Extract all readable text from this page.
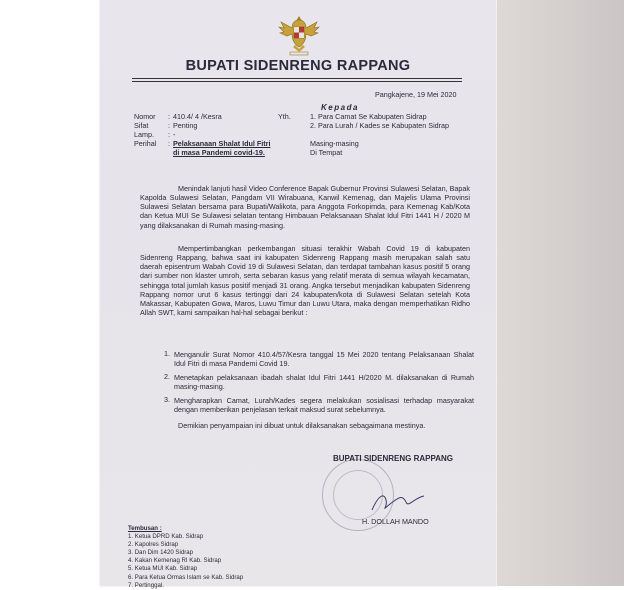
BUPATI SIDENRENG RAPPANG
Pangkajene, 19 Mei 2020
Kepada
Nomor : 410.4/ 4 /Kesra
Sifat	: Penting
Lamp. : -
Perihal : Pelaksanaan Shalat Idul Fitri
di masa Pandemi covid-19.
Yth.	1. Para Camat Se Kabupaten Sidrap
2. Para Lurah / Kades se Kabupaten Sidrap
Masing-masing
Di Tempat
Menindak lanjuti hasil Video Conference Bapak Gubernur Provinsi Sulawesi Selatan, Bapak Kapolda Sulawesi Selatan, Pangdam VII Wirabuana, Kanwil Kemenag, dan Majelis Ulama Provinsi Sulawesi Selatan bersama para Bupati/Walikota, para Anggota Forkopimda, para Kemenag Kab/Kota dan Ketua MUI Se Sulawesi selatan tentang Himbauan Pelaksanaan Shalat Idul Fitri 1441 H / 2020 M yang dilaksanakan di Rumah masing-masing.
Mempertimbangkan perkembangan situasi terakhir Wabah Covid 19 di kabupaten Sidenreng Rappang, bahwa saat ini kabupaten Sidenreng Rappang masih merupakan salah satu daerah episentrum Wabah Covid 19 di Sulawesi Selatan, dan terdapat tambahan kasus positif 5 orang dari sumber non klaster umroh, serta sebaran kasus yang relatif merata di semua wilayah kecamatan, sehingga total jumlah kasus positif menjadi 31 orang. Angka tersebut menjadikan kabupaten Sidenreng Rappang nomor urut 6 kasus tertinggi dari 24 kabupaten/kota di Sulawesi Selatan setelah Kota Makassar, Kabupaten Gowa, Maros, Luwu Timur dan Luwu Utara, maka dengan memperhatikan Ridho Allah SWT, kami sampaikan hal-hal sebagai berikut :
1. Menganulir Surat Nomor 410.4/57/Kesra tanggal 15 Mei 2020 tentang Pelaksanaan Shalat Idul Fitri di masa Pandemi Covid 19.
2. Menetapkan pelaksanaan ibadah shalat Idul Fitri 1441 H/2020 M. dilaksanakan di Rumah masing-masing.
3. Mengharapkan Camat, Lurah/Kades segera melakukan sosialisasi terhadap masyarakat dengan memberikan penjelasan terkait maksud surat sebelumnya.
Demikian penyampaian ini dibuat untuk dilaksanakan sebagaimana mestinya.
BUPATI SIDENRENG RAPPANG
H. DOLLAH MANDO
Tembusan :
1. Ketua DPRD Kab. Sidrap
2. Kapolres Sidrap
3. Dan Dim 1420 Sidrap
4. Kakan Kemenag RI Kab. Sidrap
5. Ketua MUI Kab. Sidrap
6. Para Ketua Ormas Islam se Kab. Sidrap
7. Pertinggal.
